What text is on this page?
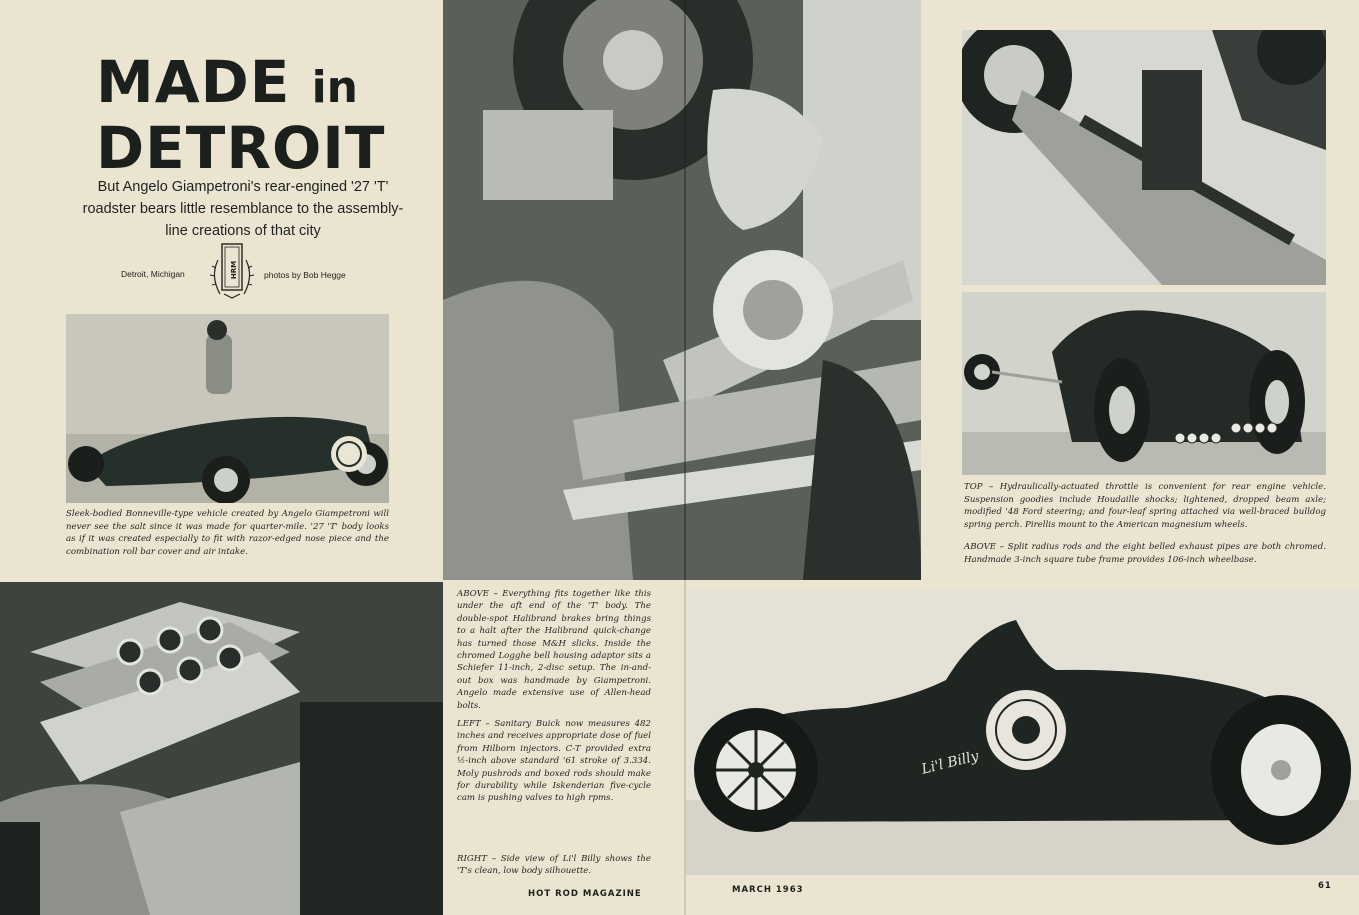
MADE in
DETROIT

But Angelo Giampetroni's rear-engined '27 'T' roadster bears little resemblance to the assembly-line creations of that city

Detroit, Michigan	HRM	photos by Bob Hegge

Sleek-bodied Bonneville-type vehicle created by Angelo Giampetroni will never see the salt since it was made for quarter-mile. '27 'T' body looks as if it was created especially to fit with razor-edged nose piece and the combination roll bar cover and air intake.

TOP – Hydraulically-actuated throttle is convenient for rear engine vehicle. Suspension goodies include Houdaille shocks; lightened, dropped beam axle; modified '48 Ford steering; and four-leaf spring attached via well-braced bulldog spring perch. Pirellis mount to the American magnesium wheels.

ABOVE – Split radius rods and the eight belled exhaust pipes are both chromed. Handmade 3-inch square tube frame provides 106-inch wheelbase.

ABOVE – Everything fits together like this under the aft end of the 'T' body. The double-spot Halibrand brakes bring things to a halt after the Halibrand quick-change has turned those M&H slicks. Inside the chromed Logghe bell housing adaptor sits a Schiefer 11-inch, 2-disc setup. The in-and-out box was handmade by Giampetroni. Angelo made extensive use of Allen-head bolts.

LEFT – Sanitary Buick now measures 482 inches and receives appropriate dose of fuel from Hilborn injectors. C-T provided extra ½-inch above standard '61 stroke of 3.334. Moly pushrods and boxed rods should make for durability while Iskenderian five-cycle cam is pushing valves to high rpms.

RIGHT – Side view of Li'l Billy shows the 'T's clean, low body silhouette.

Li'l Billy
HOT ROD MAGAZINE	MARCH 1963	61
